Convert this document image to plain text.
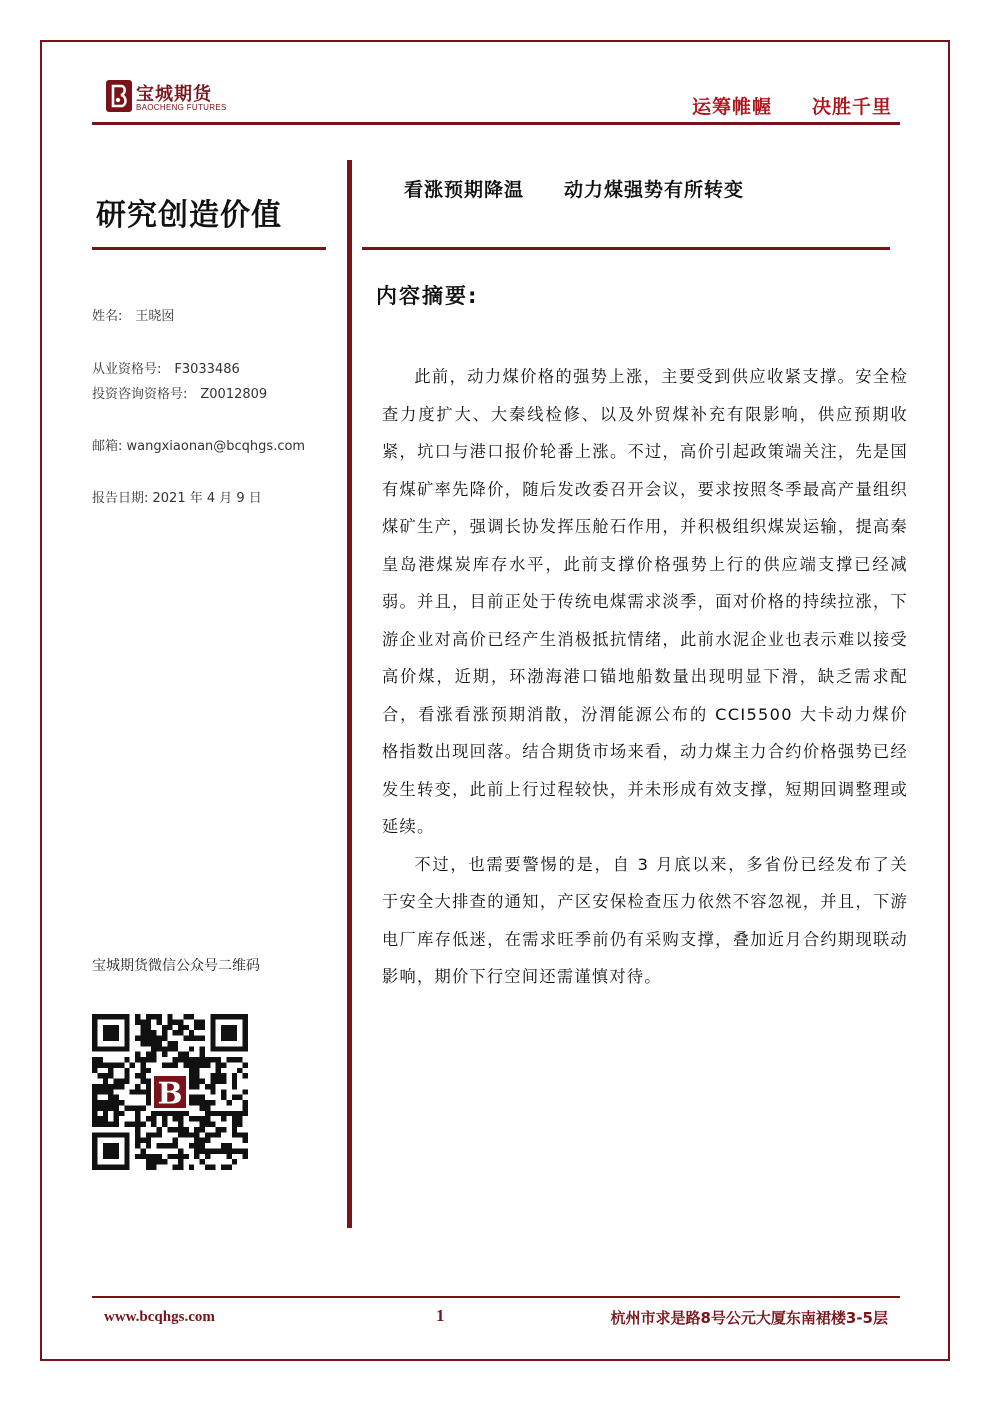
宝城期货
BAOCHENG FUTURES	运筹帷幄　　决胜千里
研究创造价值
姓名:　王晓囡
从业资格号:　F3033486
投资咨询资格号:　Z0012809
邮箱: wangxiaonan@bcqhgs.com
报告日期: 2021 年 4 月 9 日
宝城期货微信公众号二维码
B
看涨预期降温　　动力煤强势有所转变
内容摘要:

此前，动力煤价格的强势上涨，主要受到供应收紧支撑。安全检查力度扩大、大秦线检修、以及外贸煤补充有限影响，供应预期收紧，坑口与港口报价轮番上涨。不过，高价引起政策端关注，先是国有煤矿率先降价，随后发改委召开会议，要求按照冬季最高产量组织煤矿生产，强调长协发挥压舱石作用，并积极组织煤炭运输，提高秦皇岛港煤炭库存水平，此前支撑价格强势上行的供应端支撑已经减弱。并且，目前正处于传统电煤需求淡季，面对价格的持续拉涨，下游企业对高价已经产生消极抵抗情绪，此前水泥企业也表示难以接受高价煤，近期，环渤海港口锚地船数量出现明显下滑，缺乏需求配合，看涨看涨预期消散，汾渭能源公布的 CCI5500 大卡动力煤价格指数出现回落。结合期货市场来看，动力煤主力合约价格强势已经发生转变，此前上行过程较快，并未形成有效支撑，短期回调整理或延续。

不过，也需要警惕的是，自 3 月底以来，多省份已经发布了关于安全大排查的通知，产区安保检查压力依然不容忽视，并且，下游电厂库存低迷，在需求旺季前仍有采购支撑，叠加近月合约期现联动影响，期价下行空间还需谨慎对待。

www.bcqhgs.com	1	杭州市求是路8号公元大厦东南裙楼3-5层
